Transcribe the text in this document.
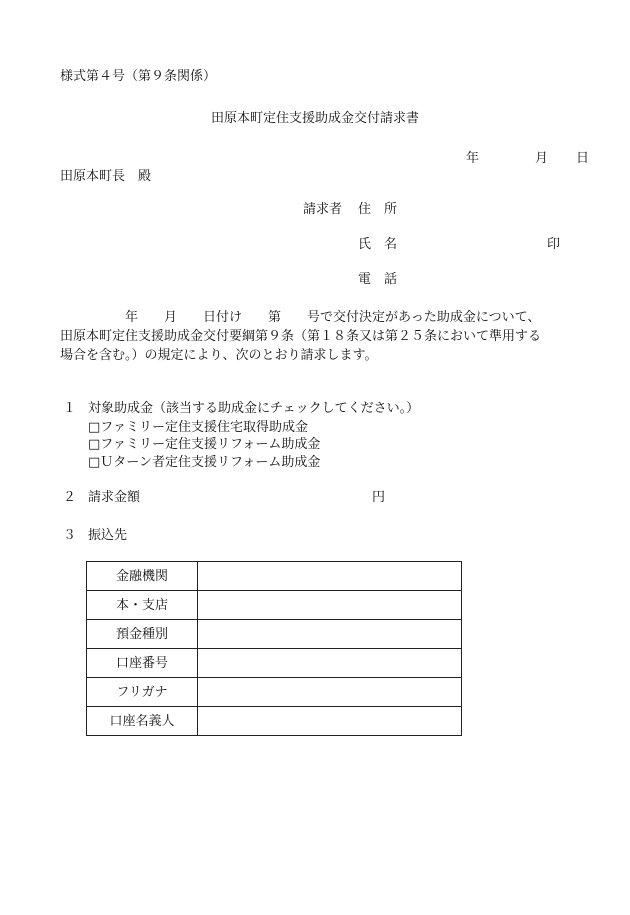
様式第４号（第９条関係）
田原本町定住支援助成金交付請求書
年	月 日
田原本町長　殿
請求者 住　所
氏　名	印
電　話

　　　　　年　　月　　日付け　　第　　号で交付決定があった助成金について、

田原本町定住支援助成金交付要綱第９条（第１８条又は第２５条において準用する

場合を含む。）の規定により、次のとおり請求します。

１ 対象助成金（該当する助成金にチェックしてください。）
□ファミリー定住支援住宅取得助成金
□ファミリー定住支援リフォーム助成金
□Ｕターン者定住支援リフォーム助成金
２ 請求金額	円
３ 振込先
金融機関	
本・支店	
預金種別	
口座番号	
フリガナ	
口座名義人	
